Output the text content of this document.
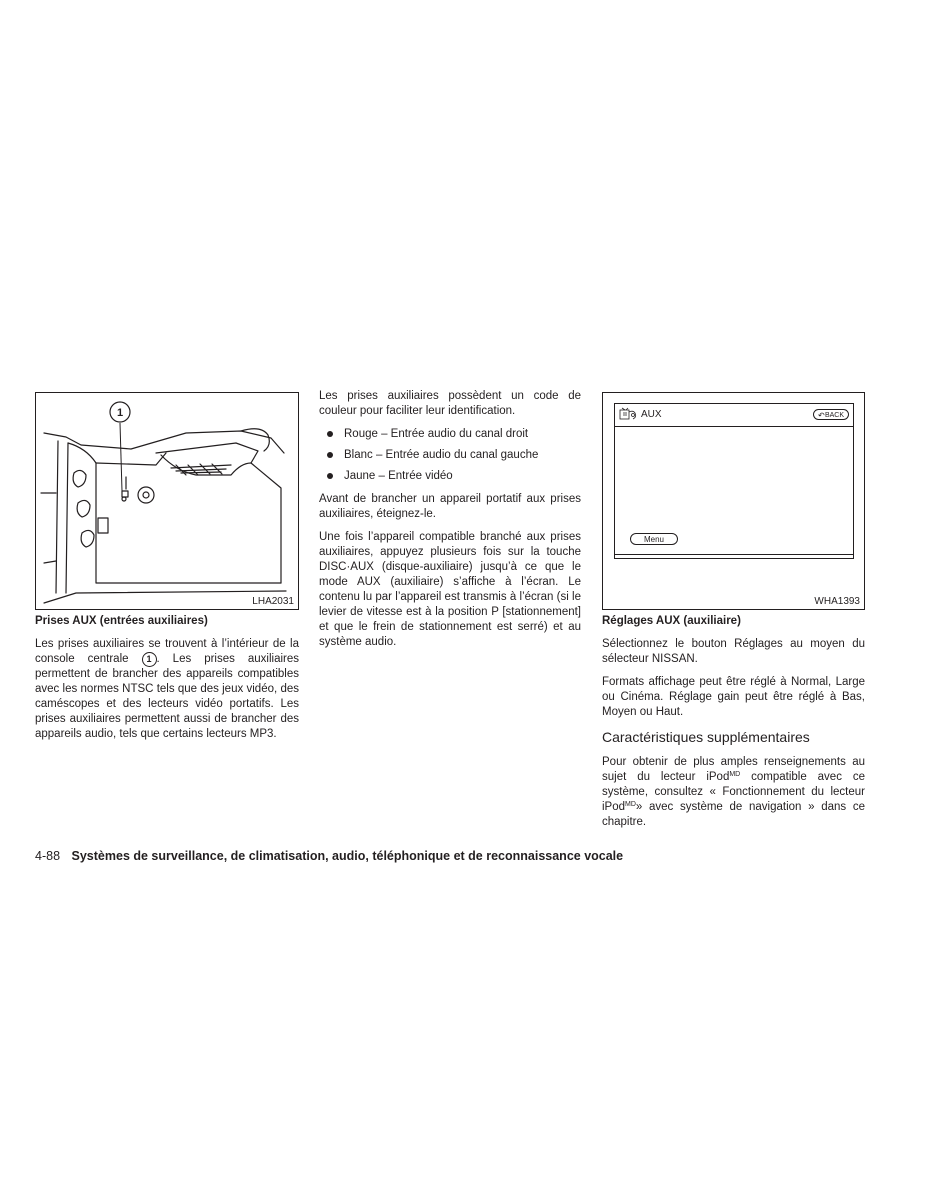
1
LHA2031
Prises AUX (entrées auxiliaires)

Les prises auxiliaires se trouvent à l’intérieur de la console centrale 1 . Les prises auxiliaires permettent de brancher des appareils compatibles avec les normes NTSC tels que des jeux vidéo, des caméscopes et des lecteurs vidéo portatifs. Les prises auxiliaires permettent aussi de brancher des appareils audio, tels que certains lecteurs MP3.

Les prises auxiliaires possèdent un code de couleur pour faciliter leur identification.

Rouge – Entrée audio du canal droit
Blanc – Entrée audio du canal gauche
Jaune – Entrée vidéo

Avant de brancher un appareil portatif aux prises auxiliaires, éteignez-le.

Une fois l’appareil compatible branché aux prises auxiliaires, appuyez plusieurs fois sur la touche DISC·AUX (disque-auxiliaire) jusqu’à ce que le mode AUX (auxiliaire) s’affiche à l’écran. Le contenu lu par l’appareil est transmis à l’écran (si le levier de vitesse est à la position P [stationnement] et que le frein de stationnement est serré) et au système audio.

AUX	↶ BACK
Menu
WHA1393
Réglages AUX (auxiliaire)

Sélectionnez le bouton Réglages au moyen du sélecteur NISSAN.

Formats affichage peut être réglé à Normal, Large ou Cinéma. Réglage gain peut être réglé à Bas, Moyen ou Haut.

Caractéristiques supplémentaires

Pour obtenir de plus amples renseignements au sujet du lecteur iPod$^{MD}$ compatible avec ce système, consultez « Fonctionnement du lecteur iPod$^{MD}$» avec système de navigation » dans ce chapitre.

4-88 Systèmes de surveillance, de climatisation, audio, téléphonique et de reconnaissance vocale
